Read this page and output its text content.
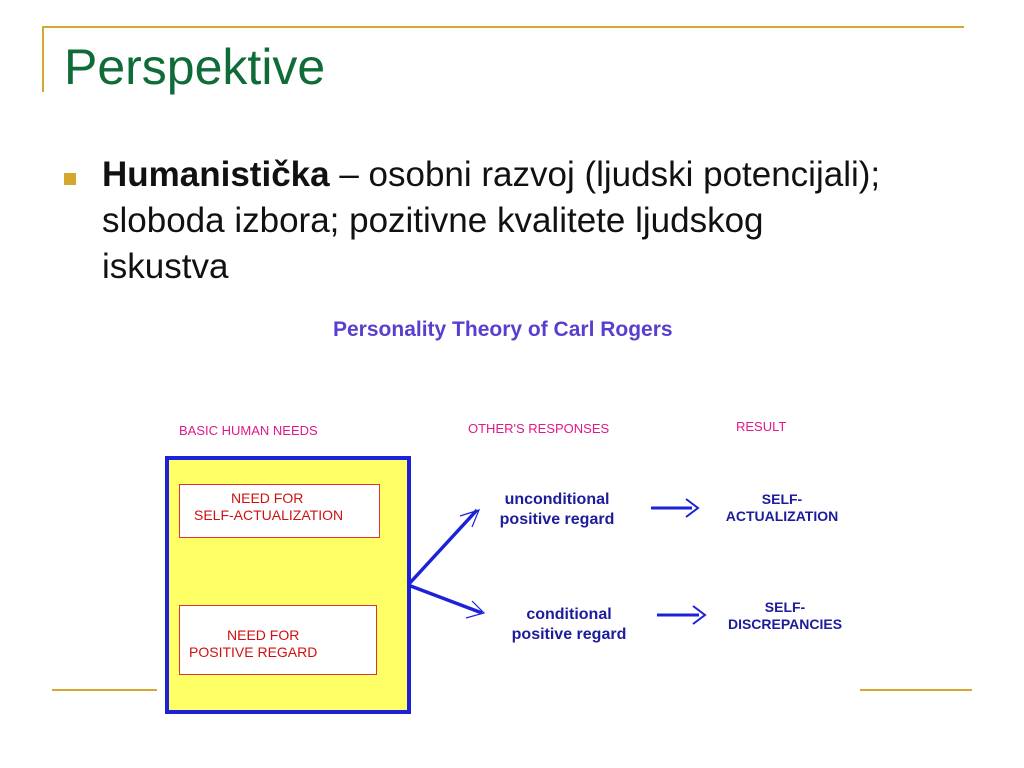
Perspektive
Humanistička – osobni razvoj (ljudski potencijali); sloboda izbora; pozitivne kvalitete ljudskog iskustva
Personality Theory of Carl Rogers
BASIC HUMAN NEEDS	OTHER'S RESPONSES	RESULT
NEED FOR
SELF-ACTUALIZATION
NEED FOR
POSITIVE REGARD
unconditional
positive regard
conditional
positive regard
SELF-
ACTUALIZATION
SELF-
DISCREPANCIES
